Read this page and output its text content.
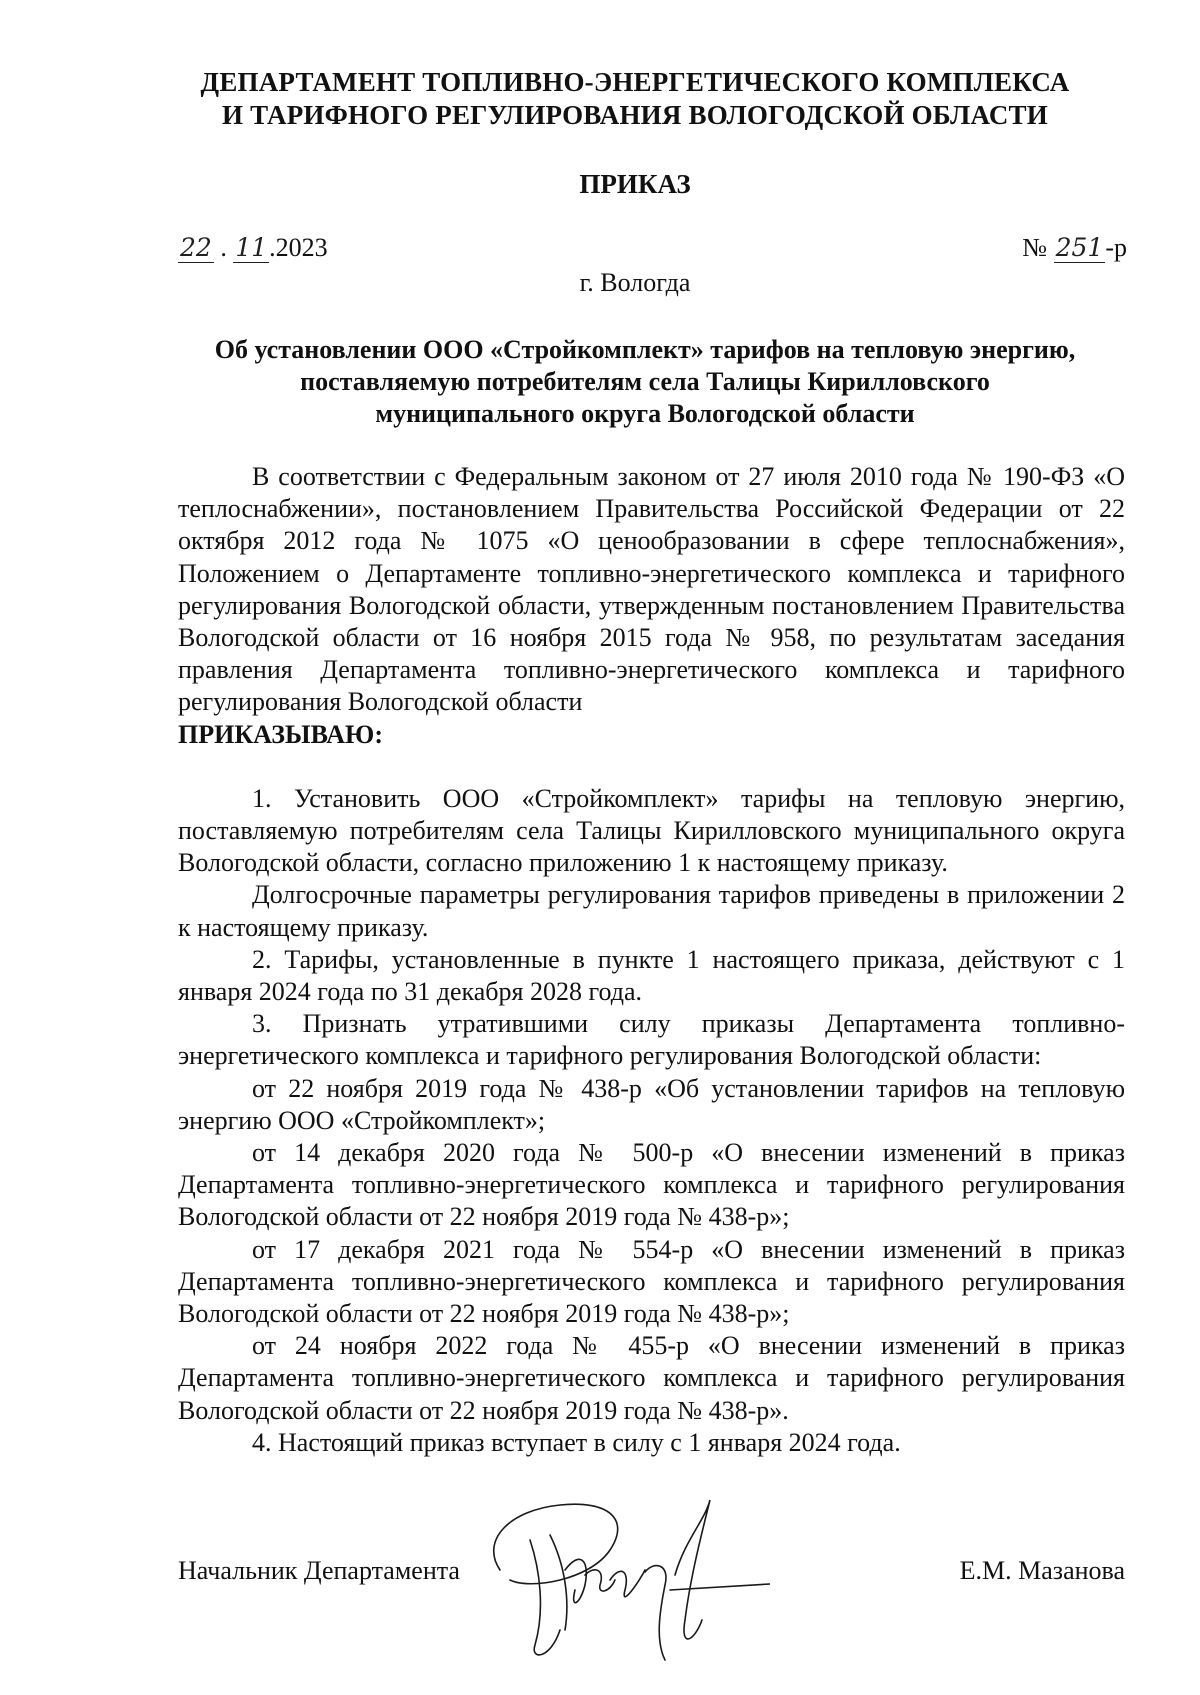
ДЕПАРТАМЕНТ ТОПЛИВНО-ЭНЕРГЕТИЧЕСКОГО КОМПЛЕКСА
И ТАРИФНОГО РЕГУЛИРОВАНИЯ ВОЛОГОДСКОЙ ОБЛАСТИ
ПРИКАЗ
22 . 11.2023	№ 251-р
г. Вологда
Об установлении ООО «Стройкомплект» тарифов на тепловую энергию,
поставляемую потребителям села Талицы Кирилловского
муниципального округа Вологодской области

В соответствии с Федеральным законом от 27 июля 2010 года № 190-ФЗ «О теплоснабжении», постановлением Правительства Российской Федерации от 22 октября 2012 года № 1075 «О ценообразовании в сфере теплоснабжения», Положением о Департаменте топливно-энергетического комплекса и тарифного регулирования Вологодской области, утвержденным постановлением Правительства Вологодской области от 16 ноября 2015 года № 958, по результатам заседания правления Департамента топливно-энергетического комплекса и тарифного регулирования Вологодской области

ПРИКАЗЫВАЮ:

1. Установить ООО «Стройкомплект» тарифы на тепловую энергию, поставляемую потребителям села Талицы Кирилловского муниципального округа Вологодской области, согласно приложению 1 к настоящему приказу.

Долгосрочные параметры регулирования тарифов приведены в приложении 2 к настоящему приказу.

2. Тарифы, установленные в пункте 1 настоящего приказа, действуют с 1 января 2024 года по 31 декабря 2028 года.

3. Признать утратившими силу приказы Департамента топливно-энергетического комплекса и тарифного регулирования Вологодской области:

от 22 ноября 2019 года № 438-р «Об установлении тарифов на тепловую энергию ООО «Стройкомплект»;

от 14 декабря 2020 года № 500-р «О внесении изменений в приказ Департамента топливно-энергетического комплекса и тарифного регулирования Вологодской области от 22 ноября 2019 года № 438-р»;

от 17 декабря 2021 года № 554-р «О внесении изменений в приказ Департамента топливно-энергетического комплекса и тарифного регулирования Вологодской области от 22 ноября 2019 года № 438-р»;

от 24 ноября 2022 года № 455-р «О внесении изменений в приказ Департамента топливно-энергетического комплекса и тарифного регулирования Вологодской области от 22 ноября 2019 года № 438-р».

4. Настоящий приказ вступает в силу с 1 января 2024 года.

Начальник Департамента	Е.М. Мазанова
